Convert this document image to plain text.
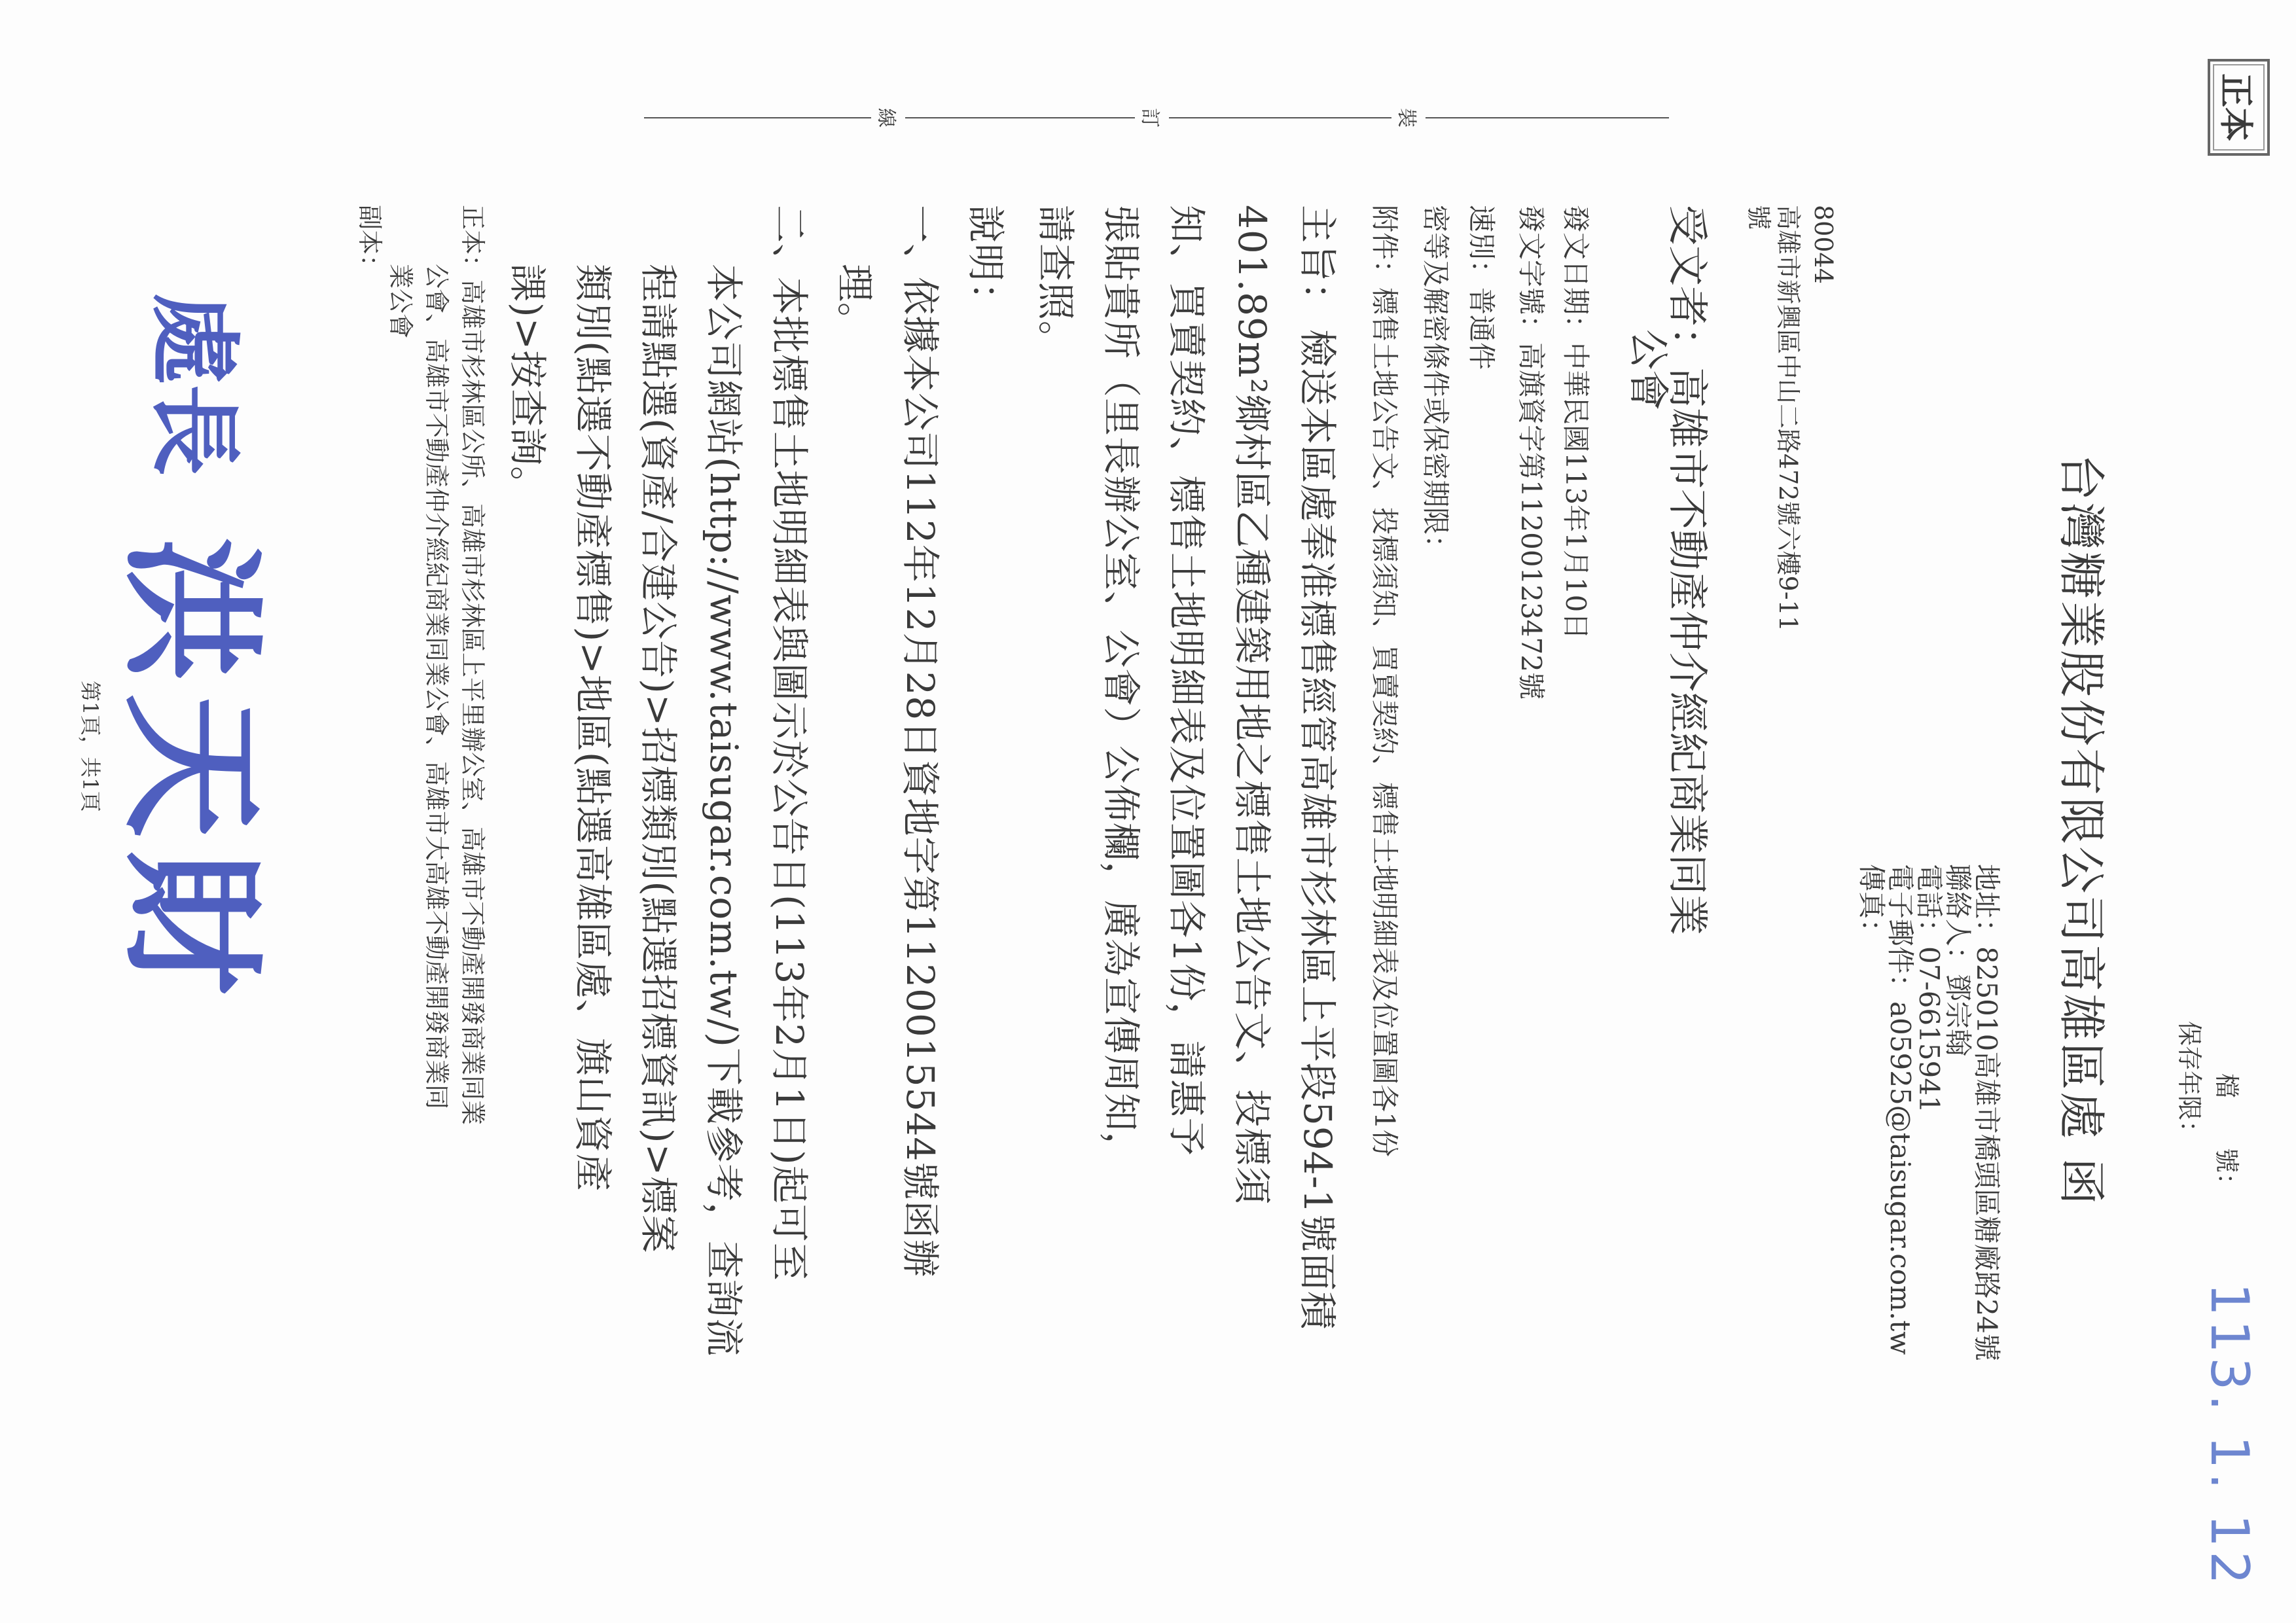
正本
檔　　號：
保存年限：
113. 1. 12
台灣糖業股份有限公司高雄區處 函
地址：825010高雄市橋頭區糖廠路24號
聯絡人：鄧宗翰
電話：07-6615941
電子郵件：a05925@taisugar.com.tw
傳真：
80044
高雄市新興區中山二路472號六樓9-11
號
受文者：高雄市不動產仲介經紀商業同業
公會
發文日期：中華民國113年1月10日
發文字號：高旗資字第1120012347​2號
速別：普通件
密等及解密條件或保密期限：
附件：標售土地公告文、投標須知、買賣契約、標售土地明細表及位置圖各1份
裝
訂
線
主旨：
檢送本區處奉准標售經管高雄市杉林區上平段594-1號面積
401.89m²鄉村區乙種建築用地之標售土地公告文、投標須
知、買賣契約、標售土地明細表及位置圖各1份，請惠予
張貼貴所（里長辦公室、公會）公佈欄，廣為宣傳周知，
請查照。
說明：
一、
依據本公司112年12月28日資地字第1120015544號函辦
理。
二、
本批標售土地明細表與圖示於公告日(113年2月1日)起可至
本公司網站(http://www.taisugar.com.tw/)下載參考，查詢流
程請點選(資產/合建公告)>招標類別(點選招標資訊)>標案
類別(點選不動產標售)>地區(點選高雄區處、旗山資產
課)>按查詢。
正本：高雄市杉林區公所、高雄市杉林區上平里辦公室、高雄市不動產開發商業同業
公會、高雄市不動產仲介經紀商業同業公會、高雄市大高雄不動產開發商業同
業公會
副本：
處長
洪天財
第1頁，共1頁
